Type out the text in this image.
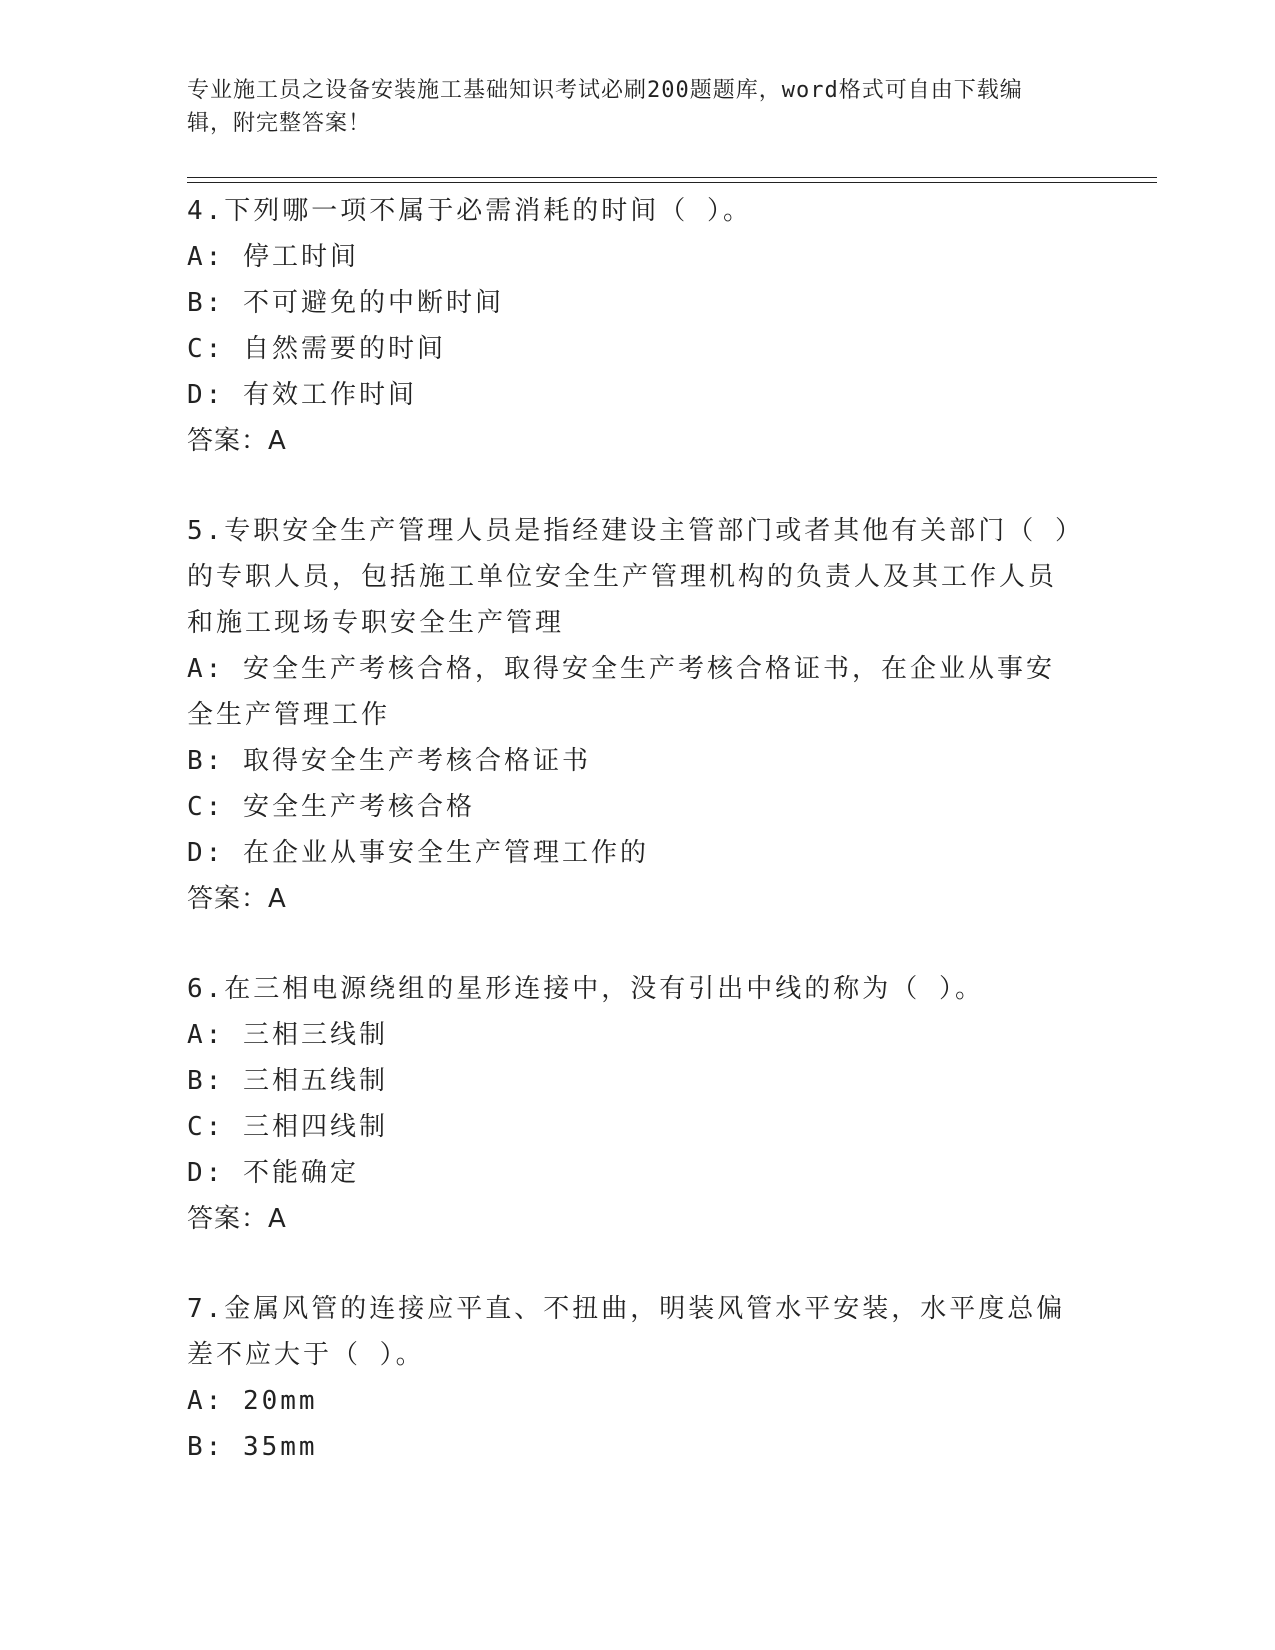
专业施工员之设备安装施工基础知识考试必刷200题题库，word格式可自由下载编辑，附完整答案！

4.下列哪一项不属于必需消耗的时间（ ）。

A: 停工时间

B: 不可避免的中断时间

C: 自然需要的时间

D: 有效工作时间

答案：A

5.专职安全生产管理人员是指经建设主管部门或者其他有关部门（ ）的专职人员，包括施工单位安全生产管理机构的负责人及其工作人员和施工现场专职安全生产管理

A: 安全生产考核合格，取得安全生产考核合格证书，在企业从事安全生产管理工作

B: 取得安全生产考核合格证书

C: 安全生产考核合格

D: 在企业从事安全生产管理工作的

答案：A

6.在三相电源绕组的星形连接中，没有引出中线的称为（ ）。

A: 三相三线制

B: 三相五线制

C: 三相四线制

D: 不能确定

答案：A

7.金属风管的连接应平直、不扭曲，明装风管水平安装，水平度总偏差不应大于（ ）。

A: 20mm

B: 35mm
